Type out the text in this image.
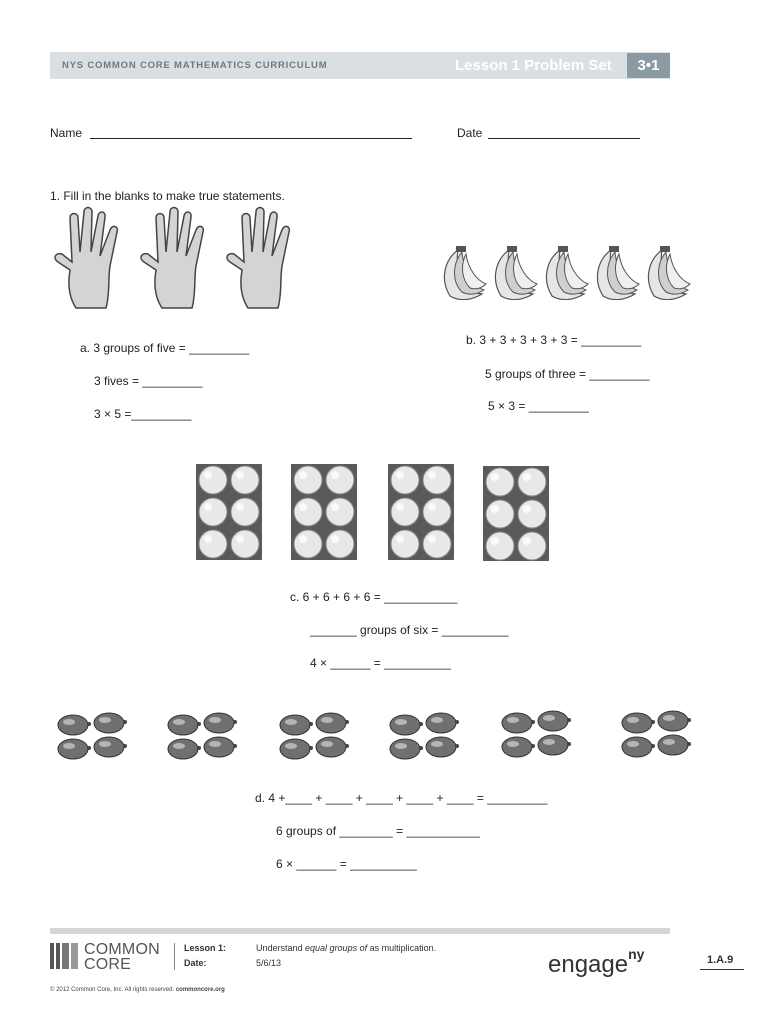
NYS COMMON CORE MATHEMATICS CURRICULUM	Lesson 1 Problem Set	3•1
Name	Date
1. Fill in the blanks to make true statements.
a. 3 groups of five = _________
3 fives = _________
3 × 5 =_________
b. 3 + 3 + 3 + 3 + 3 = _________
5 groups of three = _________
5 × 3 = _________
c. 6 + 6 + 6 + 6 = ___________
_______ groups of six = __________
4 × ______ = __________
d. 4 +____ + ____ + ____ + ____ + ____ = _________
6 groups of ________ = ___________
6 × ______ = __________
COMMON
CORE
Lesson 1:
Date:
Understand equal groups of as multiplication.
5/6/13	engage$^{ny}$	1.A.9
© 2012 Common Core, Inc. All rights reserved. commoncore.org
